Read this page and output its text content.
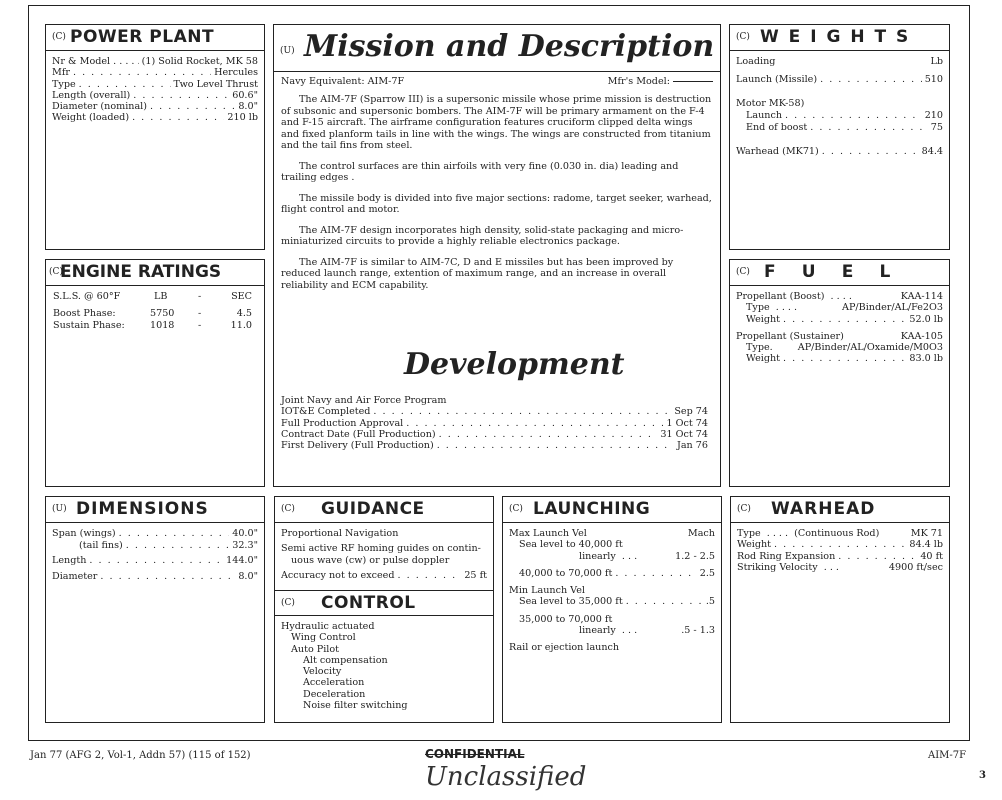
(C) POWER PLANT
Nr & Model . . . . . (1) Solid Rocket, MK 58
Mfr . . .	Hercules
Type . . .	Two Level Thrust
Length (overall) . . .	60.6"
Diameter (nominal) . . .	8.0"
Weight (loaded) . . .	210 lb
(U) Mission and Description
Navy Equivalent: AIM-7F	Mfr's Model:

The AIM-7F (Sparrow III) is a supersonic missile whose prime mission is destruction of subsonic and supersonic bombers. The AIM-7F will be primary armament on the F-4 and F-15 aircraft. The airframe configuration features cruciform clipped delta wings and fixed planform tails in line with the wings. The wings are constructed from titanium and the tail fins from steel.

The control surfaces are thin airfoils with very fine (0.030 in. dia) leading and trailing edges .

The missile body is divided into five major sections: radome, target seeker, warhead, flight control and motor.

The AIM-7F design incorporates high density, solid-state packaging and micro-miniaturized circuits to provide a highly reliable electronics package.

The AIM-7F is similar to AIM-7C, D and E missiles but has been improved by reduced launch range, extention of maximum range, and an increase in overall reliability and ECM capability.

Development
Joint Navy and Air Force Program
IOT&E Completed . . .	Sep 74
Full Production Approval . . .	1 Oct 74
Contract Date (Full Production) . . .	31 Oct 74
First Delivery (Full Production) . . .	Jan 76
(C) W E I G H T S
Loading	Lb
Launch (Missile) . . .	510
Motor MK-58)
Launch . . .	210
End of boost . . .	75
Warhead (MK71) . . .	84.4
(C)
ENGINE RATINGS
S.L.S. @ 60°F	LB	-	SEC
Boost Phase:	5750 -	4.5
Sustain Phase:	1018 -	11.0
(C) F    U    E    L
Propellant (Boost)  . . . .	KAA-114
Type  . . . .	AP/Binder/AL/Fe2O3
Weight . . .	52.0 lb
Propellant (Sustainer)	KAA-105
Type.	AP/Binder/AL/Oxamide/M0O3
Weight . . .	83.0 lb
(U) DIMENSIONS
Span (wings) . . .	40.0"
(tail fins) . . .	32.3"
Length . . .	144.0"
Diameter . . .	8.0"
(C) GUIDANCE
Proportional Navigation
Semi active RF homing guides on contin-
uous wave (cw) or pulse doppler
Accuracy not to exceed . . .	25 ft
(C) CONTROL
Hydraulic actuated
Wing Control
Auto Pilot
Alt compensation
Velocity
Acceleration
Deceleration
Noise filter switching
(C) LAUNCHING
Max Launch Vel	Mach
Sea level to 40,000 ft
linearly  . . .	1.2 - 2.5
40,000 to 70,000 ft . . .	2.5
Min Launch Vel
Sea level to 35,000 ft . . .	.5
35,000 to 70,000 ft
linearly  . . .	.5 - 1.3
Rail or ejection launch
(C) WARHEAD
Type  . . . .  (Continuous Rod)	MK 71
Weight . . .	84.4 lb
Rod Ring Expansion . . .	40 ft
Striking Velocity  . . .	4900 ft/sec
Jan 77 (AFG 2, Vol-1, Addn 57) (115 of 152)	CONFIDENTIAL	AIM-7F
Unclassified	3
